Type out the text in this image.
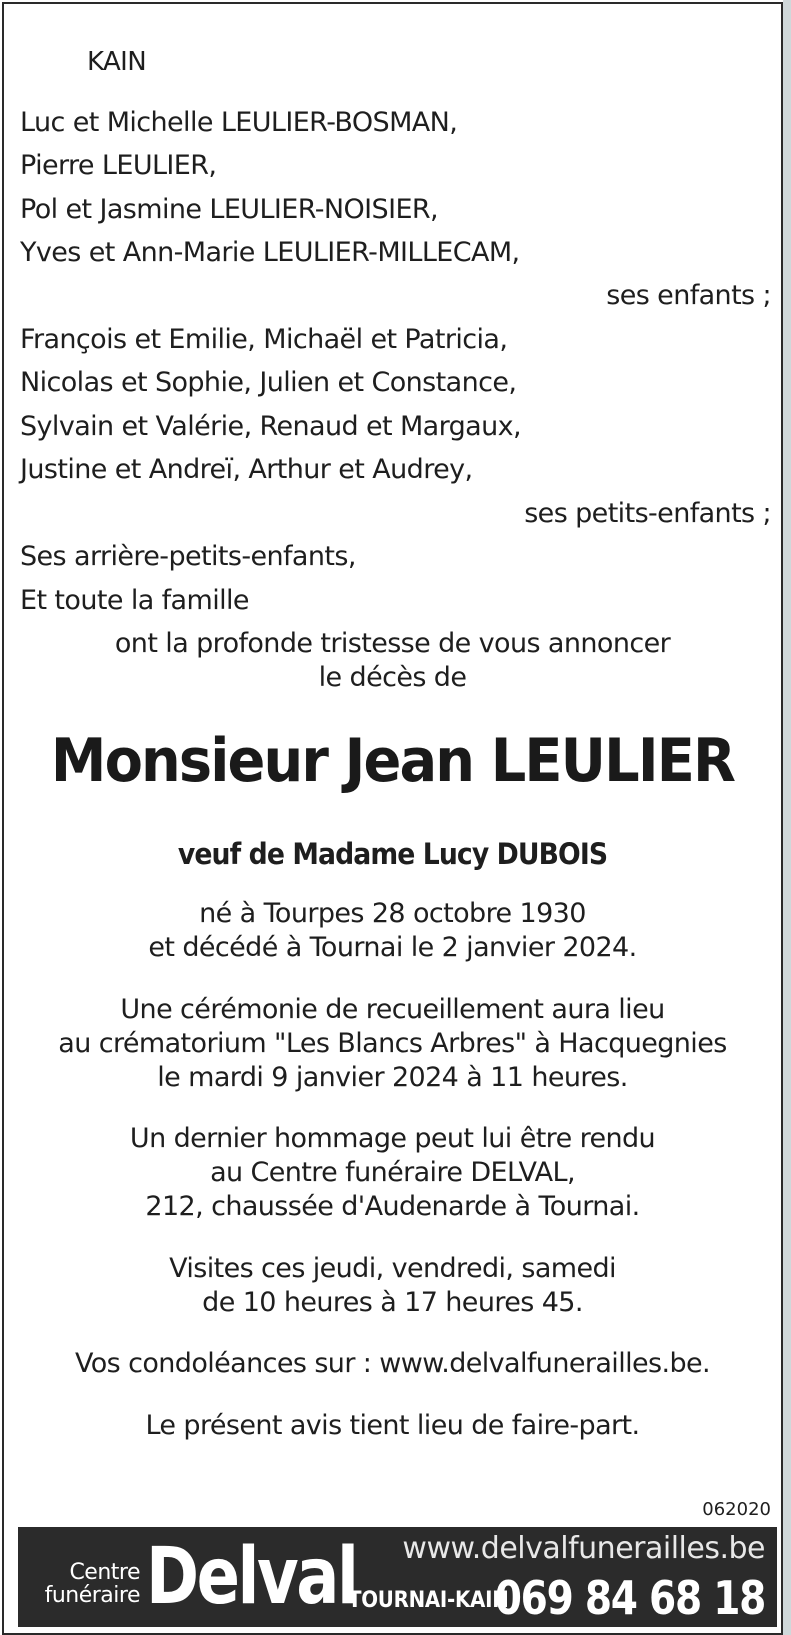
KAIN
Luc et Michelle LEULIER-BOSMAN,
Pierre LEULIER,
Pol et Jasmine LEULIER-NOISIER,
Yves et Ann-Marie LEULIER-MILLECAM,
ses enfants ;
François et Emilie, Michaël et Patricia,
Nicolas et Sophie, Julien et Constance,
Sylvain et Valérie, Renaud et Margaux,
Justine et Andreï, Arthur et Audrey,
ses petits-enfants ;
Ses arrière-petits-enfants,
Et toute la famille
ont la profonde tristesse de vous annoncer
le décès de
Monsieur Jean LEULIER
veuf de Madame Lucy DUBOIS
né à Tourpes 28 octobre 1930
et décédé à Tournai le 2 janvier 2024.
Une cérémonie de recueillement aura lieu
au crématorium "Les Blancs Arbres" à Hacquegnies
le mardi 9 janvier 2024 à 11 heures.
Un dernier hommage peut lui être rendu
au Centre funéraire DELVAL,
212, chaussée d'Audenarde à Tournai.
Visites ces jeudi, vendredi, samedi
de 10 heures à 17 heures 45.
Vos condoléances sur : www.delvalfunerailles.be.
Le présent avis tient lieu de faire-part.
062020
Centre
funéraire Delval www.delvalfunerailles.be
TOURNAI-KAIN
069 84 68 18
